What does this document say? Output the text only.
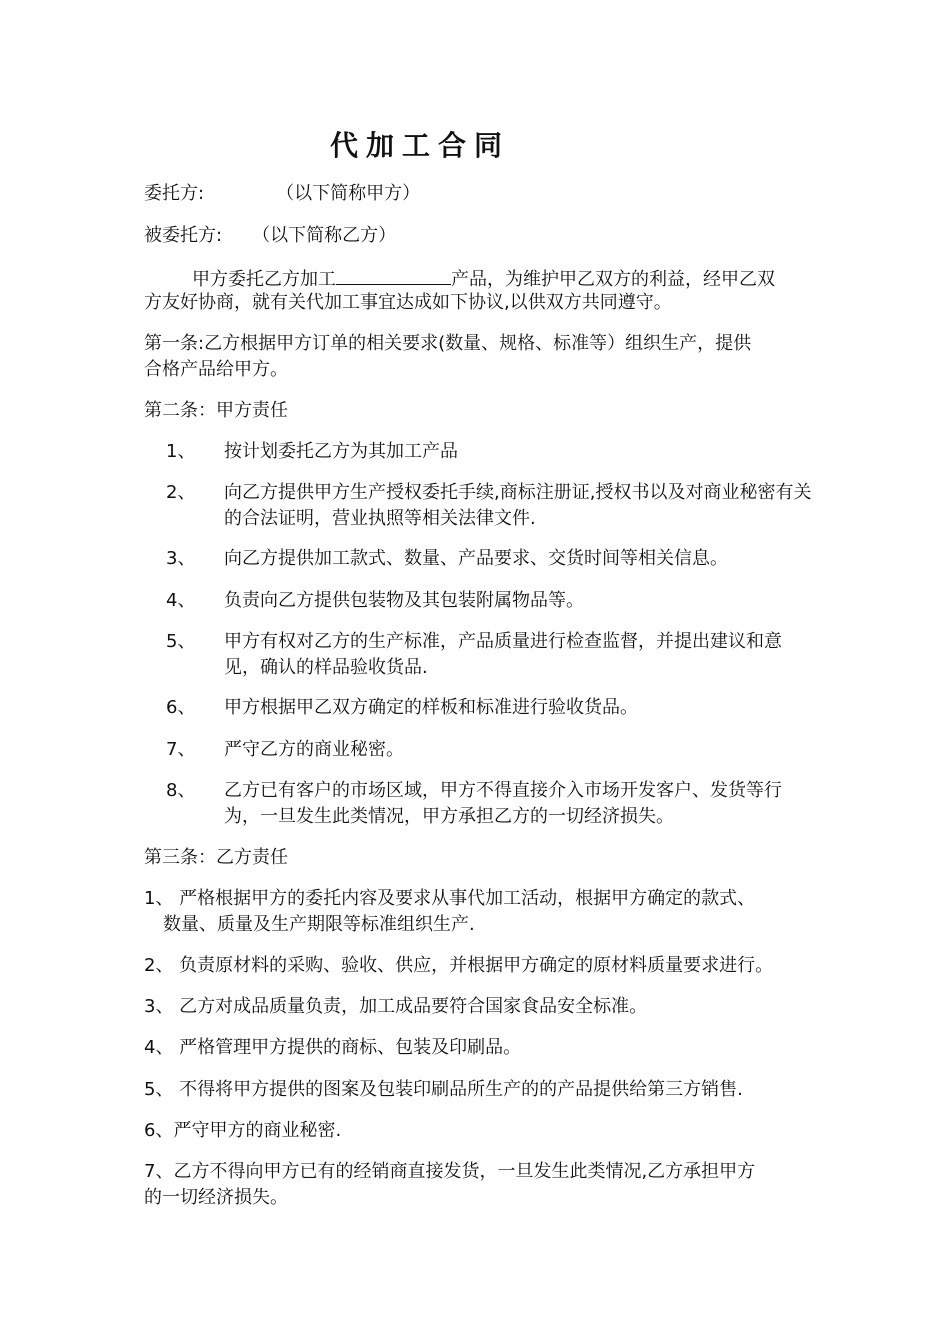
代加工合同
委托方:	（以下简称甲方）
被委托方: （以下简称乙方）
甲方委托乙方加工	产品，为维护甲乙双方的利益，经甲乙双
方友好协商，就有关代加工事宜达成如下协议,以供双方共同遵守。
第一条:乙方根据甲方订单的相关要求(数量、规格、标准等）组织生产，提供
合格产品给甲方。
第二条：甲方责任
1、	按计划委托乙方为其加工产品
2、	向乙方提供甲方生产授权委托手续,商标注册证,授权书以及对商业秘密有关的合法证明，营业执照等相关法律文件.
3、	向乙方提供加工款式、数量、产品要求、交货时间等相关信息。
4、	负责向乙方提供包装物及其包装附属物品等。
5、	甲方有权对乙方的生产标准，产品质量进行检查监督，并提出建议和意见，确认的样品验收货品.
6、	甲方根据甲乙双方确定的样板和标准进行验收货品。
7、	严守乙方的商业秘密。
8、	乙方已有客户的市场区域，甲方不得直接介入市场开发客户、发货等行为，一旦发生此类情况，甲方承担乙方的一切经济损失。
第三条：乙方责任
1、 严格根据甲方的委托内容及要求从事代加工活动，根据甲方确定的款式、
数量、质量及生产期限等标准组织生产.
2、 负责原材料的采购、验收、供应，并根据甲方确定的原材料质量要求进行。
3、 乙方对成品质量负责，加工成品要符合国家食品安全标准。
4、 严格管理甲方提供的商标、包装及印刷品。
5、 不得将甲方提供的图案及包装印刷品所生产的的产品提供给第三方销售.
6、严守甲方的商业秘密.
7、乙方不得向甲方已有的经销商直接发货，一旦发生此类情况,乙方承担甲方
的一切经济损失。
